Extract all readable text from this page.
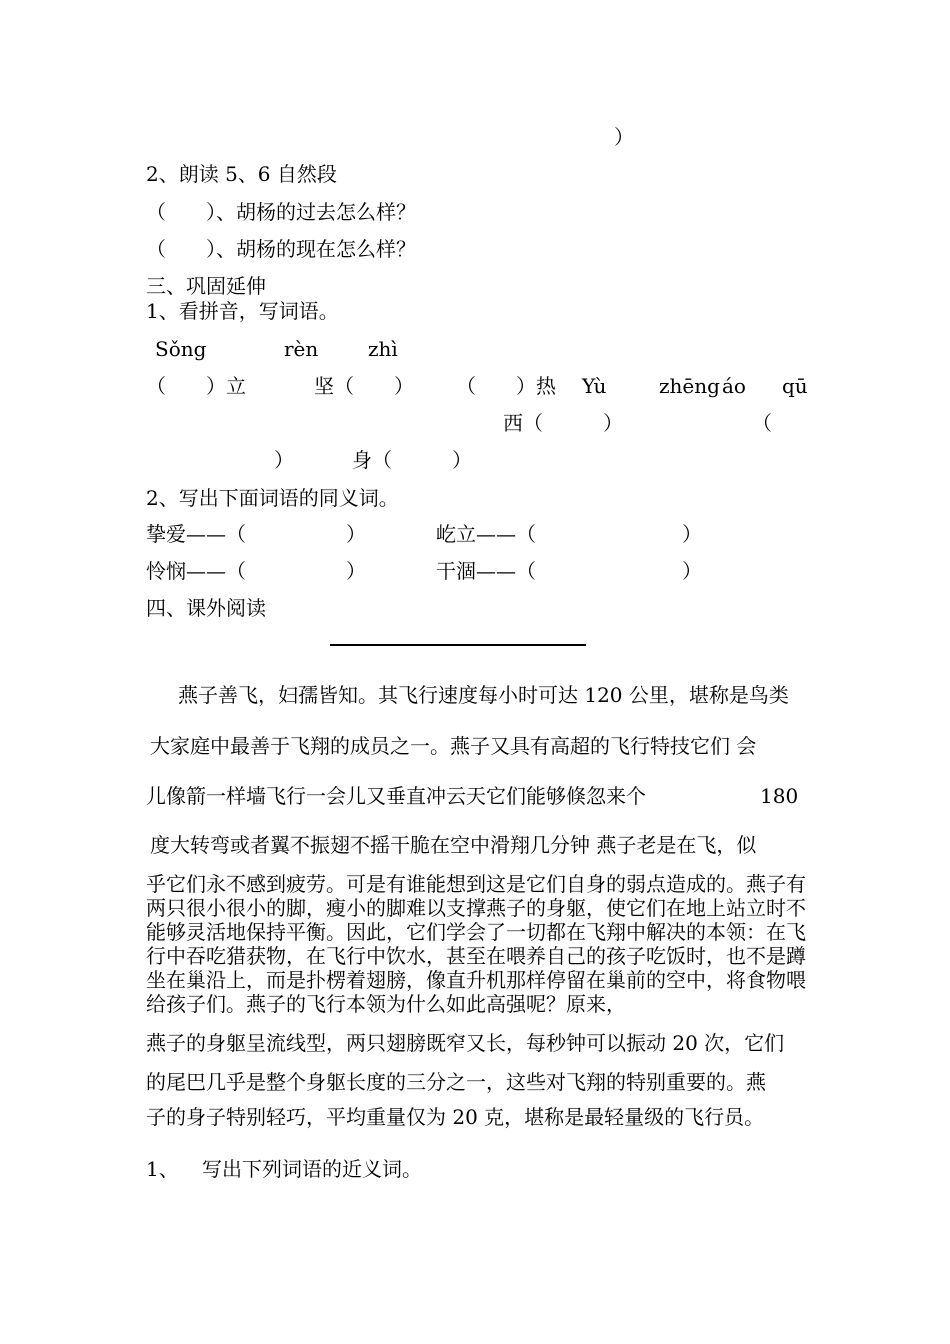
）
2、朗读 5、6 自然段
（　　）、胡杨的过去怎么样？
（　　）、胡杨的现在怎么样？
三、巩固延伸
1、看拼音，写词语。
Sǒng	rèn zhì
（　　）立	坚（　　） （　　）热 Yù	zhēng áo qū
西（　　　）	（
）	身（　　　）
2、写出下面词语的同义词。
挚爱——（	）	屹立——（	）
怜悯——（	）	干涸——（	）
四、课外阅读
燕子善飞，妇孺皆知。其飞行速度每小时可达 120 公里，堪称是鸟类
大家庭中最善于飞翔的成员之一。燕子又具有高超的飞行特技它们 会
儿像箭一样墙飞行一会儿又垂直冲云天它们能够倏忽来个	180
度大转弯或者翼不振翅不摇干脆在空中滑翔几分钟 燕子老是在飞，似
乎它们永不感到疲劳。可是有谁能想到这是它们自身的弱点造成的。燕子有两只很小很小的脚，瘦小的脚难以支撑燕子的身躯，使它们在地上站立时不能够灵活地保持平衡。因此，它们学会了一切都在飞翔中解决的本领：在飞行中吞吃猎获物，在飞行中饮水，甚至在喂养自己的孩子吃饭时，也不是蹲坐在巢沿上，而是扑楞着翅膀，像直升机那样停留在巢前的空中，将食物喂给孩子们。燕子的飞行本领为什么如此高强呢？原来，
燕子的身躯呈流线型，两只翅膀既窄又长，每秒钟可以振动 20 次，它们
的尾巴几乎是整个身躯长度的三分之一，这些对飞翔的特别重要的。燕
子的身子特别轻巧，平均重量仅为 20 克，堪称是最轻量级的飞行员。
1、 写出下列词语的近义词。
